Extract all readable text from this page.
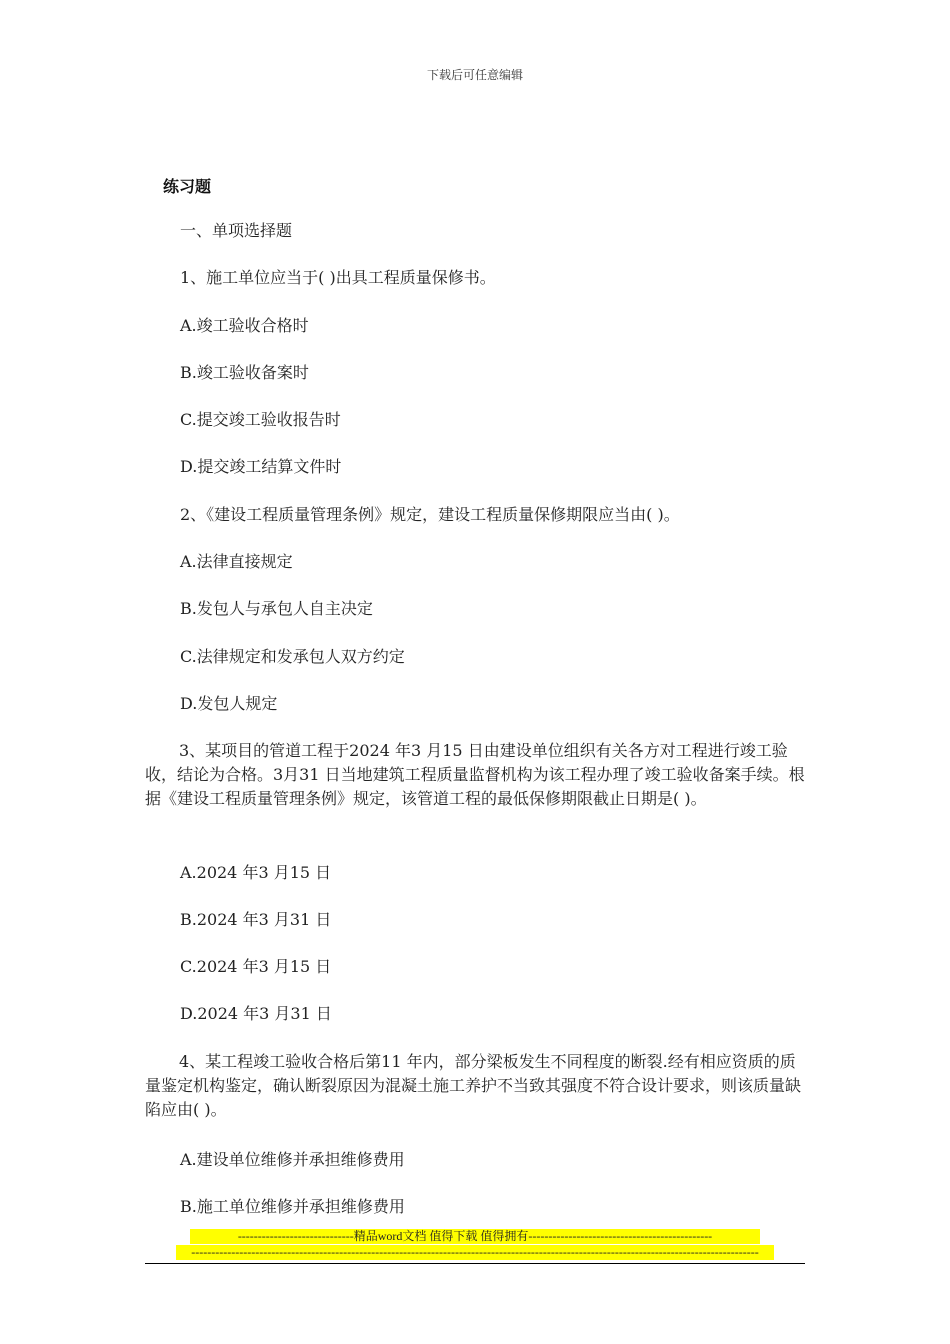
下载后可任意编辑
练习题
一、单项选择题
1、施工单位应当于( )出具工程质量保修书。
A.竣工验收合格时
B.竣工验收备案时
C.提交竣工验收报告时
D.提交竣工结算文件时
2、《建设工程质量管理条例》规定，建设工程质量保修期限应当由( )。
A.法律直接规定
B.发包人与承包人自主决定
C.法律规定和发承包人双方约定
D.发包人规定
3、某项目的管道工程于2024 年3 月15 日由建设单位组织有关各方对工程进行竣工验收，结论为合格。3月31 日当地建筑工程质量监督机构为该工程办理了竣工验收备案手续。根据《建设工程质量管理条例》规定，该管道工程的最低保修期限截止日期是( )。
A.2024 年3 月15 日
B.2024 年3 月31 日
C.2024 年3 月15 日
D.2024 年3 月31 日
4、某工程竣工验收合格后第11 年内，部分梁板发生不同程度的断裂.经有相应资质的质量鉴定机构鉴定，确认断裂原因为混凝土施工养护不当致其强度不符合设计要求，则该质量缺陷应由( )。
A.建设单位维修并承担维修费用
B.施工单位维修并承担维修费用
-----------------------------精品word文档 值得下载 值得拥有----------------------------------------------
----------------------------------------------------------------------------------------------------------------------------------------------
